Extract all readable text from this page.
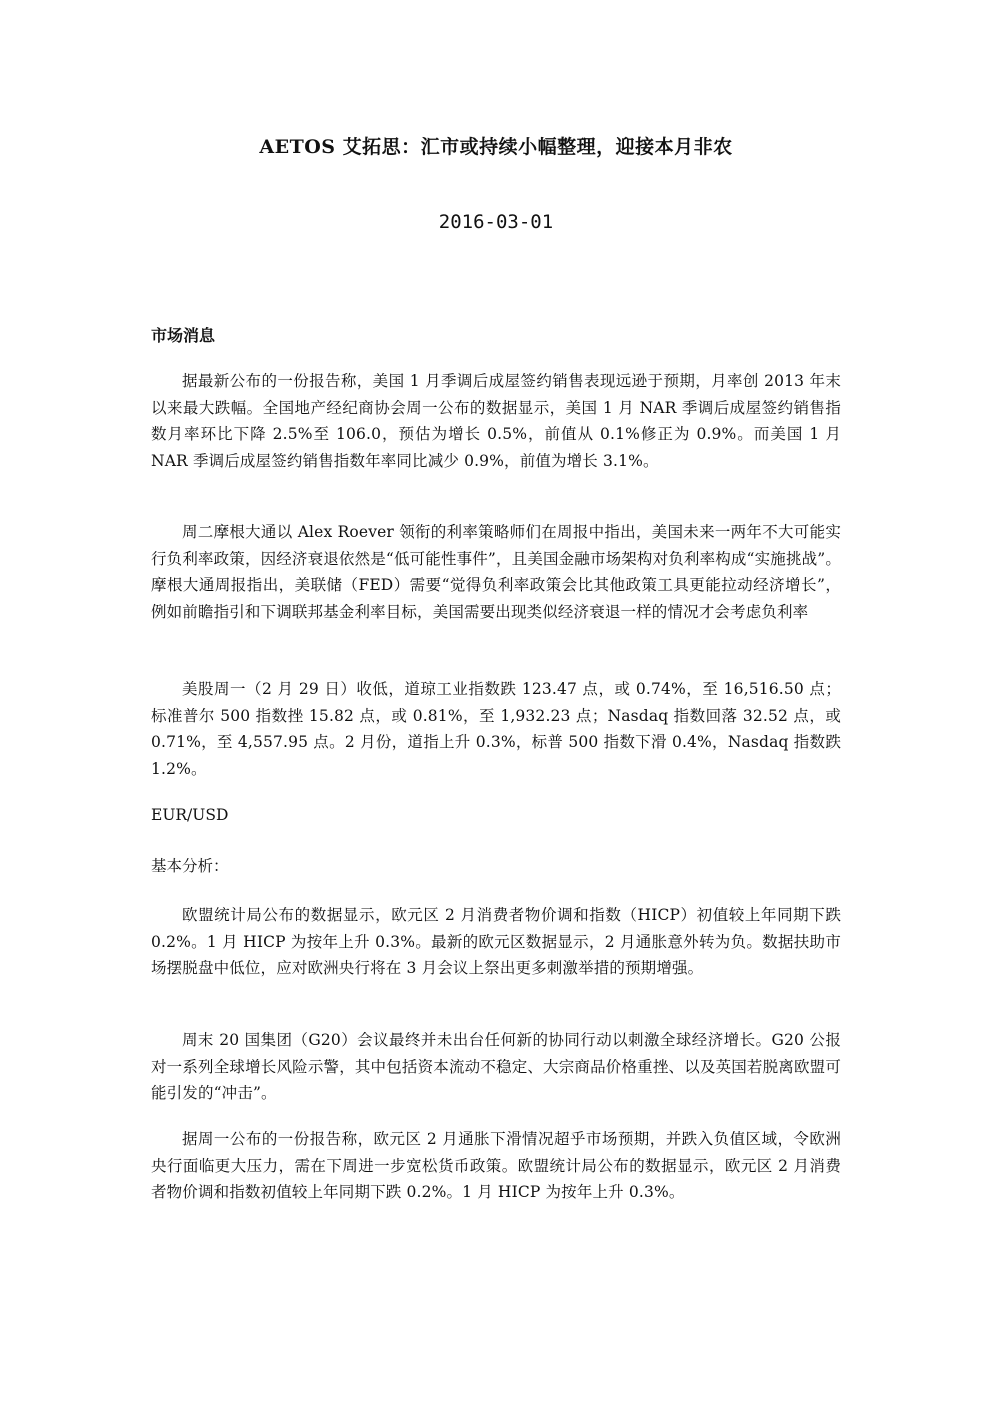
AETOS 艾拓思：汇市或持续小幅整理，迎接本月非农
2016-03-01
市场消息
据最新公布的一份报告称，美国 1 月季调后成屋签约销售表现远逊于预期，月率创 2013 年末以来最大跌幅。全国地产经纪商协会周一公布的数据显示，美国 1 月 NAR 季调后成屋签约销售指数月率环比下降 2.5%至 106.0，预估为增长 0.5%，前值从 0.1%修正为 0.9%。而美国 1 月 NAR 季调后成屋签约销售指数年率同比减少 0.9%，前值为增长 3.1%。
周二摩根大通以 Alex Roever 领衔的利率策略师们在周报中指出，美国未来一两年不大可能实行负利率政策，因经济衰退依然是“低可能性事件”，且美国金融市场架构对负利率构成“实施挑战”。摩根大通周报指出，美联储（FED）需要“觉得负利率政策会比其他政策工具更能拉动经济增长”，例如前瞻指引和下调联邦基金利率目标，美国需要出现类似经济衰退一样的情况才会考虑负利率
美股周一（2 月 29 日）收低，道琼工业指数跌 123.47 点，或 0.74%，至 16,516.50 点；标准普尔 500 指数挫 15.82 点，或 0.81%，至 1,932.23 点；Nasdaq 指数回落 32.52 点，或 0.71%，至 4,557.95 点。2 月份，道指上升 0.3%，标普 500 指数下滑 0.4%，Nasdaq 指数跌 1.2%。
EUR/USD
基本分析：
欧盟统计局公布的数据显示，欧元区 2 月消费者物价调和指数（HICP）初值较上年同期下跌 0.2%。1 月 HICP 为按年上升 0.3%。最新的欧元区数据显示，2 月通胀意外转为负。数据扶助市场摆脱盘中低位，应对欧洲央行将在 3 月会议上祭出更多刺激举措的预期增强。
周末 20 国集团（G20）会议最终并未出台任何新的协同行动以刺激全球经济增长。G20 公报对一系列全球增长风险示警，其中包括资本流动不稳定、大宗商品价格重挫、以及英国若脱离欧盟可能引发的“冲击”。
据周一公布的一份报告称，欧元区 2 月通胀下滑情况超乎市场预期，并跌入负值区域，令欧洲央行面临更大压力，需在下周进一步宽松货币政策。欧盟统计局公布的数据显示，欧元区 2 月消费者物价调和指数初值较上年同期下跌 0.2%。1 月 HICP 为按年上升 0.3%。
